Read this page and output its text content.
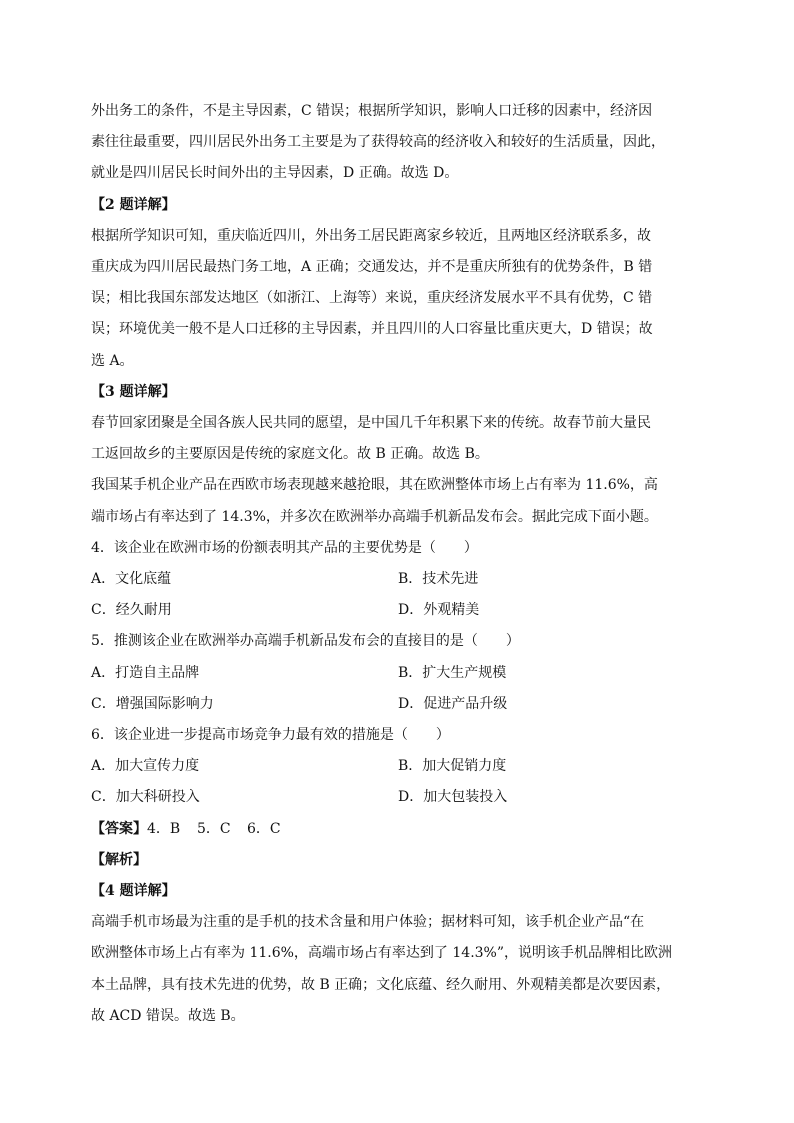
外出务工的条件，不是主导因素，C 错误；根据所学知识，影响人口迁移的因素中，经济因

素往往最重要，四川居民外出务工主要是为了获得较高的经济收入和较好的生活质量，因此，

就业是四川居民长时间外出的主导因素，D 正确。故选 D。

【2 题详解】

根据所学知识可知，重庆临近四川，外出务工居民距离家乡较近，且两地区经济联系多，故

重庆成为四川居民最热门务工地，A 正确；交通发达，并不是重庆所独有的优势条件，B 错

误；相比我国东部发达地区（如浙江、上海等）来说，重庆经济发展水平不具有优势，C 错

误；环境优美一般不是人口迁移的主导因素，并且四川的人口容量比重庆更大，D 错误；故

选 A。

【3 题详解】

春节回家团聚是全国各族人民共同的愿望，是中国几千年积累下来的传统。故春节前大量民

工返回故乡的主要原因是传统的家庭文化。故 B 正确。故选 B。

我国某手机企业产品在西欧市场表现越来越抢眼，其在欧洲整体市场上占有率为 11.6%，高

端市场占有率达到了 14.3%，并多次在欧洲举办高端手机新品发布会。据此完成下面小题。

4．该企业在欧洲市场的份额表明其产品的主要优势是（　　）

A．文化底蕴	B．技术先进
C．经久耐用	D．外观精美

5．推测该企业在欧洲举办高端手机新品发布会的直接目的是（　　）

A．打造自主品牌	B．扩大生产规模
C．增强国际影响力	D．促进产品升级

6．该企业进一步提高市场竞争力最有效的措施是（　　）

A．加大宣传力度	B．加大促销力度
C．加大科研投入	D．加大包装投入

【答案】4．B 5．C 6．C

【解析】

【4 题详解】

高端手机市场最为注重的是手机的技术含量和用户体验；据材料可知，该手机企业产品“在

欧洲整体市场上占有率为 11.6%，高端市场占有率达到了 14.3%”，说明该手机品牌相比欧洲

本土品牌，具有技术先进的优势，故 B 正确；文化底蕴、经久耐用、外观精美都是次要因素，

故 ACD 错误。故选 B。
